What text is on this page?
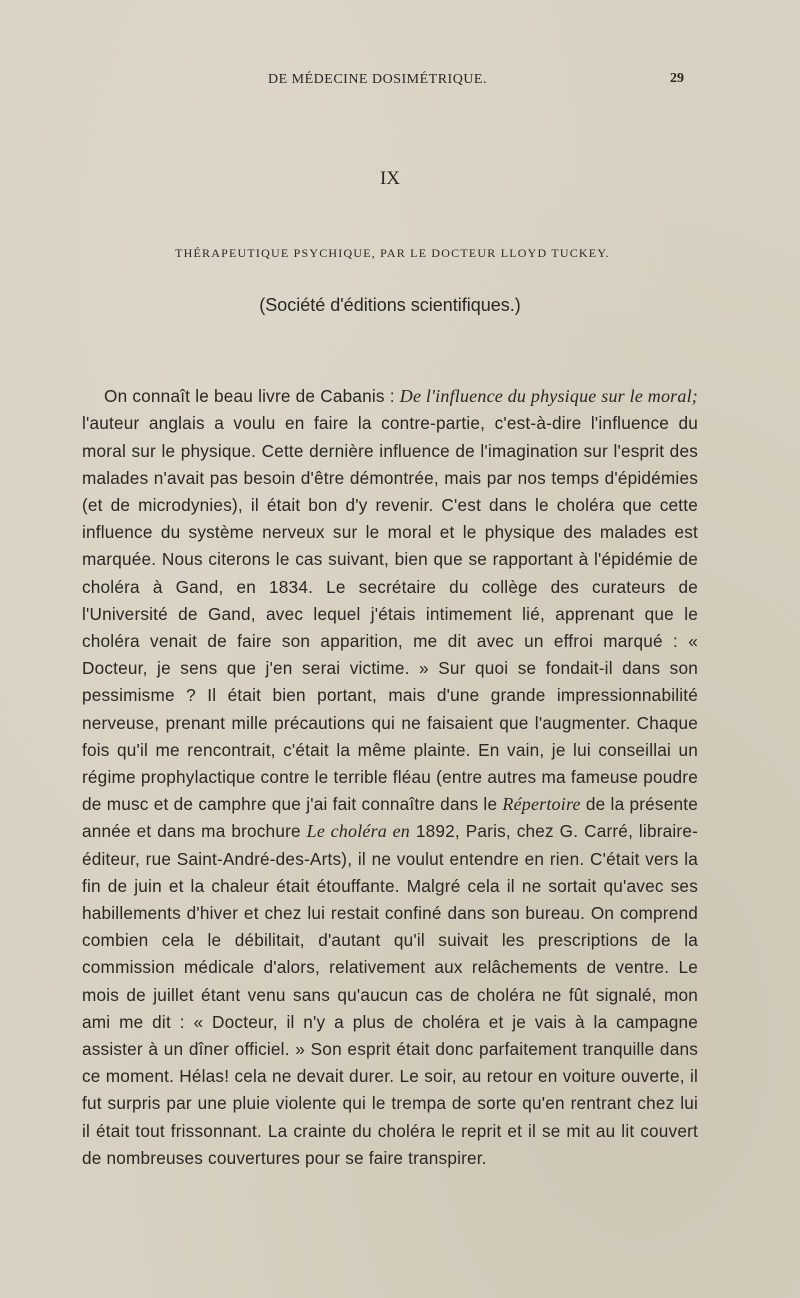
DE MÉDECINE DOSIMÉTRIQUE.	29
IX
THÉRAPEUTIQUE PSYCHIQUE, PAR LE DOCTEUR LLOYD TUCKEY.
(Société d'éditions scientifiques.)

On connaît le beau livre de Cabanis : De l'influence du physique sur le moral; l'auteur anglais a voulu en faire la contre-partie, c'est-à-dire l'influence du moral sur le physique. Cette dernière influence de l'imagination sur l'esprit des malades n'avait pas besoin d'être démontrée, mais par nos temps d'épidémies (et de microdynies), il était bon d'y revenir. C'est dans le choléra que cette influence du système nerveux sur le moral et le physique des malades est marquée. Nous citerons le cas suivant, bien que se rapportant à l'épidémie de choléra à Gand, en 1834. Le secrétaire du collège des curateurs de l'Université de Gand, avec lequel j'étais intimement lié, apprenant que le choléra venait de faire son apparition, me dit avec un effroi marqué : « Docteur, je sens que j'en serai victime. » Sur quoi se fondait-il dans son pessimisme ? Il était bien portant, mais d'une grande impressionnabilité nerveuse, prenant mille précautions qui ne faisaient que l'augmenter. Chaque fois qu'il me rencontrait, c'était la même plainte. En vain, je lui conseillai un régime prophylactique contre le terrible fléau (entre autres ma fameuse poudre de musc et de camphre que j'ai fait connaître dans le Répertoire de la présente année et dans ma brochure Le choléra en 1892, Paris, chez G. Carré, libraire-éditeur, rue Saint-André-des-Arts), il ne voulut entendre en rien. C'était vers la fin de juin et la chaleur était étouffante. Malgré cela il ne sortait qu'avec ses habillements d'hiver et chez lui restait confiné dans son bureau. On comprend combien cela le débilitait, d'autant qu'il suivait les prescriptions de la commission médicale d'alors, relativement aux relâchements de ventre. Le mois de juillet étant venu sans qu'aucun cas de choléra ne fût signalé, mon ami me dit : « Docteur, il n'y a plus de choléra et je vais à la campagne assister à un dîner officiel. » Son esprit était donc parfaitement tranquille dans ce moment. Hélas! cela ne devait durer. Le soir, au retour en voiture ouverte, il fut surpris par une pluie violente qui le trempa de sorte qu'en rentrant chez lui il était tout frissonnant. La crainte du choléra le reprit et il se mit au lit couvert de nombreuses couvertures pour se faire transpirer.
